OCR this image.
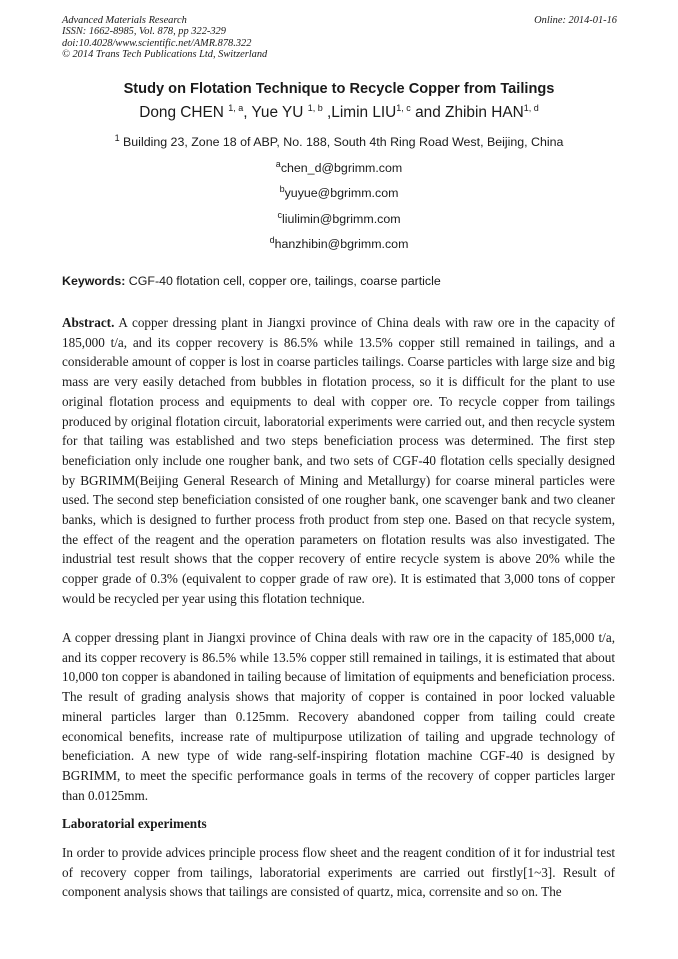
Advanced Materials Research
ISSN: 1662-8985, Vol. 878, pp 322-329
doi:10.4028/www.scientific.net/AMR.878.322
© 2014 Trans Tech Publications Ltd, Switzerland
Online: 2014-01-16
Study on Flotation Technique to Recycle Copper from Tailings
Dong CHEN $^{1, a}$, Yue YU $^{1, b}$ ,Limin LIU$^{1, c}$ and Zhibin HAN$^{1, d}$
$^1$ Building 23, Zone 18 of ABP, No. 188, South 4th Ring Road West, Beijing, China
$^a$chen_d@bgrimm.com
$^b$yuyue@bgrimm.com
$^c$liulimin@bgrimm.com
$^d$hanzhibin@bgrimm.com
Keywords: CGF-40 flotation cell, copper ore, tailings, coarse particle

Abstract. A copper dressing plant in Jiangxi province of China deals with raw ore in the capacity of 185,000 t/a, and its copper recovery is 86.5% while 13.5% copper still remained in tailings, and a considerable amount of copper is lost in coarse particles tailings. Coarse particles with large size and big mass are very easily detached from bubbles in flotation process, so it is difficult for the plant to use original flotation process and equipments to deal with copper ore. To recycle copper from tailings produced by original flotation circuit, laboratorial experiments were carried out, and then recycle system for that tailing was established and two steps beneficiation process was determined. The first step beneficiation only include one rougher bank, and two sets of CGF-40 flotation cells specially designed by BGRIMM(Beijing General Research of Mining and Metallurgy) for coarse mineral particles were used. The second step beneficiation consisted of one rougher bank, one scavenger bank and two cleaner banks, which is designed to further process froth product from step one. Based on that recycle system, the effect of the reagent and the operation parameters on flotation results was also investigated. The industrial test result shows that the copper recovery of entire recycle system is above 20% while the copper grade of 0.3% (equivalent to copper grade of raw ore). It is estimated that 3,000 tons of copper would be recycled per year using this flotation technique.

A copper dressing plant in Jiangxi province of China deals with raw ore in the capacity of 185,000 t/a, and its copper recovery is 86.5% while 13.5% copper still remained in tailings, it is estimated that about 10,000 ton copper is abandoned in tailing because of limitation of equipments and beneficiation process. The result of grading analysis shows that majority of copper is contained in poor locked valuable mineral particles larger than 0.125mm. Recovery abandoned copper from tailing could create economical benefits, increase rate of multipurpose utilization of tailing and upgrade technology of beneficiation. A new type of wide rang-self-inspiring flotation machine CGF-40 is designed by BGRIMM, to meet the specific performance goals in terms of the recovery of copper particles larger than 0.0125mm.

Laboratorial experiments

In order to provide advices principle process flow sheet and the reagent condition of it for industrial test of recovery copper from tailings, laboratorial experiments are carried out firstly[1~3]. Result of component analysis shows that tailings are consisted of quartz, mica, corrensite and so on. The
